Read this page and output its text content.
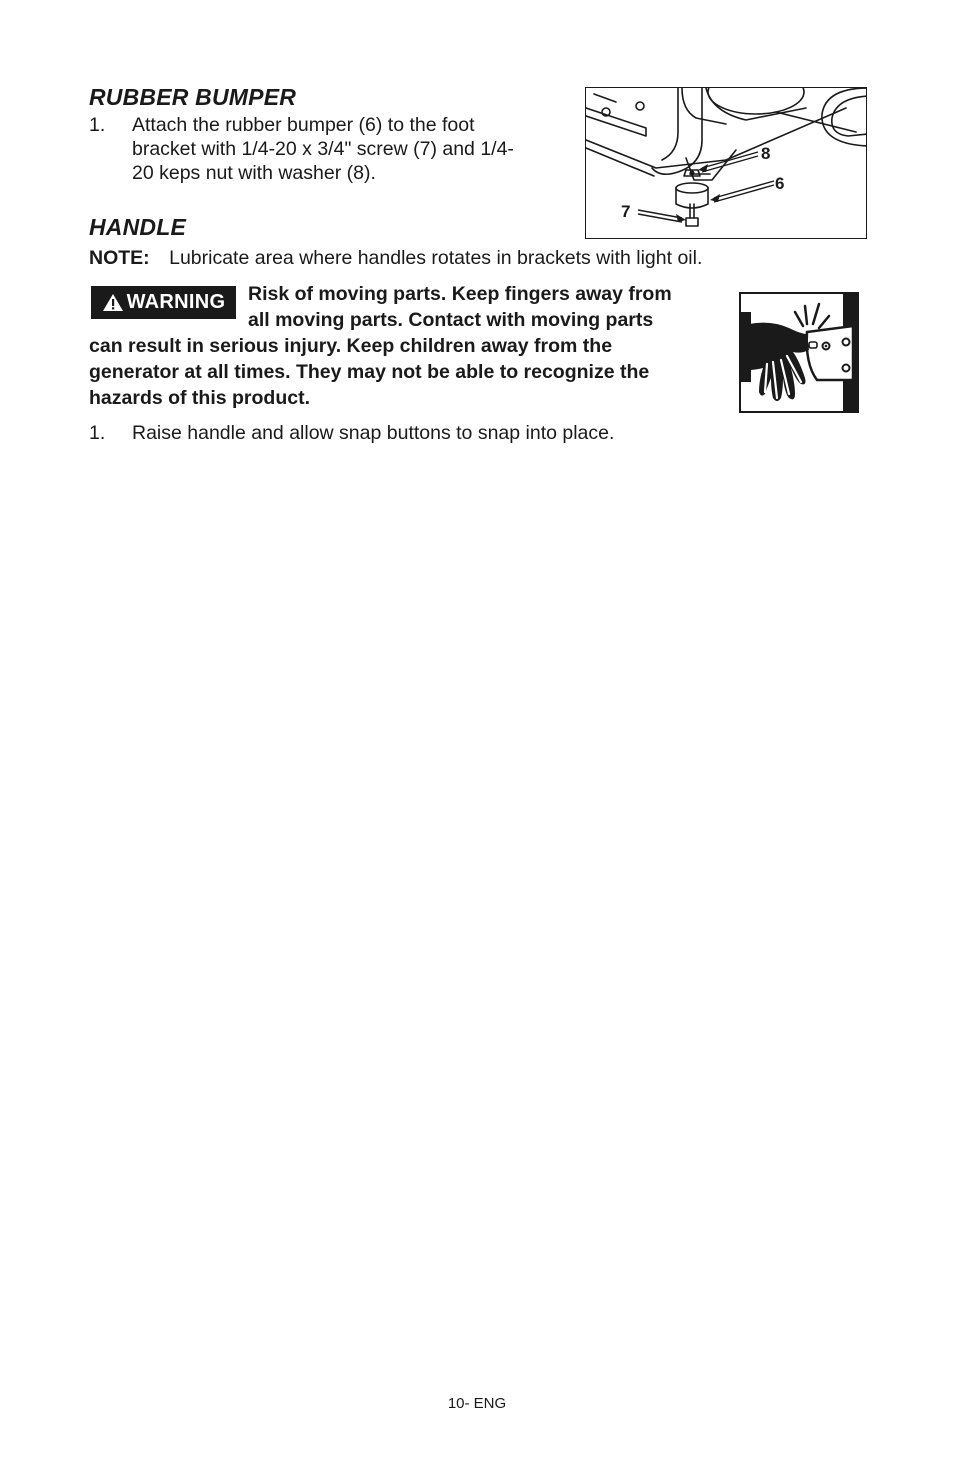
RUBBER BUMPER
1. Attach the rubber bumper (6) to the foot
bracket with 1/4-20 x 3/4" screw (7) and 1/4-
20 keps nut with washer (8).
8
6
7
HANDLE
NOTE: Lubricate area where handles rotates in brackets with light oil.
WARNING Risk of moving parts. Keep fingers away from
all moving parts. Contact with moving parts
can result in serious injury. Keep children away from the
generator at all times. They may not be able to recognize the
hazards of this product.
1. Raise handle and allow snap buttons to snap into place.
10- ENG
